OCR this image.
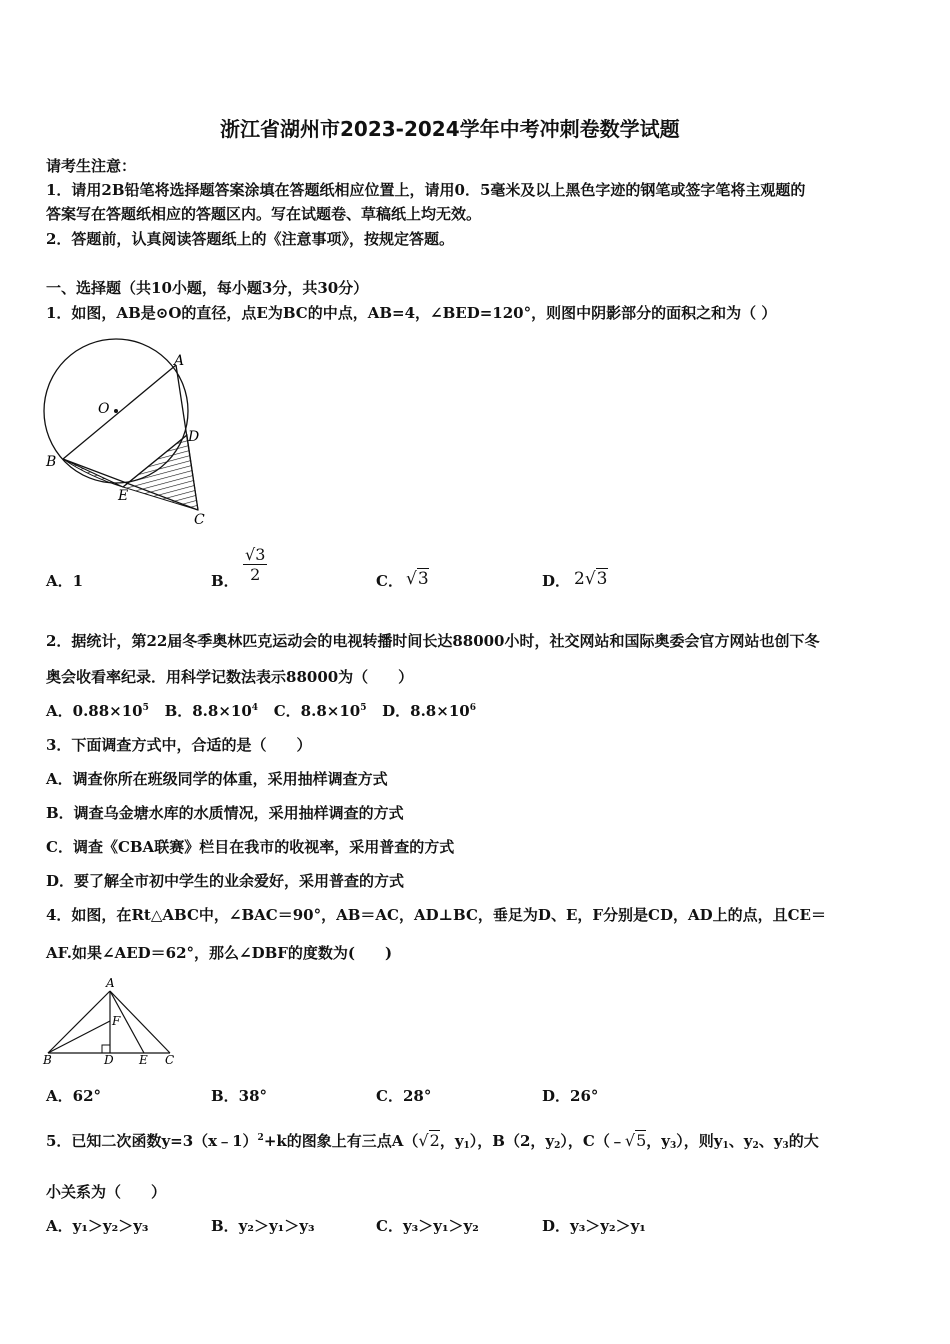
浙江省湖州市2023-2024学年中考冲刺卷数学试题
请考生注意：
1．请用2B铅笔将选择题答案涂填在答题纸相应位置上，请用0．5毫米及以上黑色字迹的钢笔或签字笔将主观题的
答案写在答题纸相应的答题区内。写在试题卷、草稿纸上均无效。
2．答题前，认真阅读答题纸上的《注意事项》，按规定答题。
一、选择题（共10小题，每小题3分，共30分）
1．如图，AB是⊙O的直径，点E为BC的中点，AB=4，∠BED=120°，则图中阴影部分的面积之和为（ ）
O
A
B
D
E
C
A．1	B． $\frac{√3}{2}$	C． √3	D． 2√3
2．据统计，第22届冬季奥林匹克运动会的电视转播时间长达88000小时，社交网站和国际奥委会官方网站也创下冬
奥会收看率纪录．用科学记数法表示88000为（　　）
A．$0.88\times 10^5$ B．$8.8\times 10^4$ C．$8.8\times 10^5$ D．$8.8\times 10^6$
3．下面调查方式中，合适的是（　　）
A．调查你所在班级同学的体重，采用抽样调查方式
B．调查乌金塘水库的水质情况，采用抽样调查的方式
C．调查《CBA联赛》栏目在我市的收视率，采用普查的方式
D．要了解全市初中学生的业余爱好，采用普查的方式
4．如图，在Rt△ABC中，∠BAC＝90°，AB＝AC，AD⊥BC，垂足为D、E，F分别是CD，AD上的点，且CE＝
AF.如果∠AED＝62°，那么∠DBF的度数为(　　)
A
F
B	D E C
A．62°	B．38°	C．28°	D．26°
5．已知二次函数y=3（x﹣1）$^2$+k的图象上有三点A（√2，$y_1$），B（2，$y_2$），C（﹣√5，$y_3$），则$y_1$、$y_2$、$y_3$的大
小关系为（　　）
A．y₁＞y₂＞y₃	B．y₂＞y₁＞y₃	C．y₃＞y₁＞y₂	D．y₃＞y₂＞y₁
